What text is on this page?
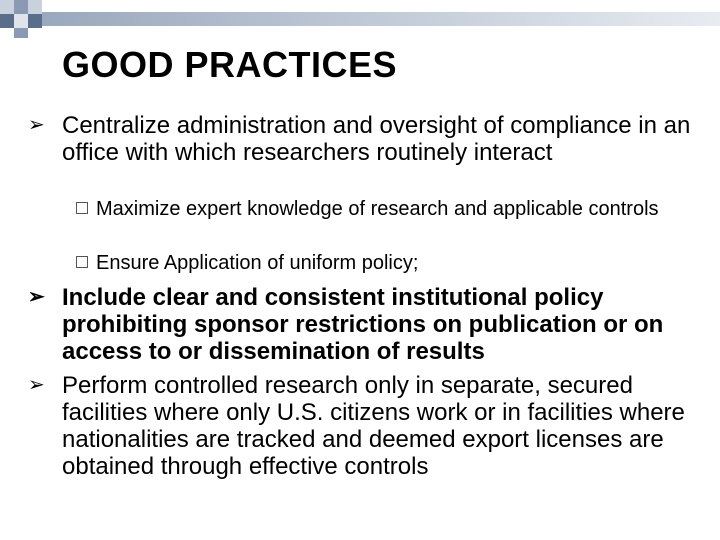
GOOD PRACTICES
➢ Centralize administration and oversight of compliance in an office with which researchers routinely interact
Maximize expert knowledge of research and applicable controls
Ensure Application of uniform policy;
➢ Include clear and consistent institutional policy prohibiting sponsor restrictions on publication or on access to or dissemination of results
➢ Perform controlled research only in separate, secured facilities where only U.S. citizens work or in facilities where nationalities are tracked and deemed export licenses are obtained through effective controls
